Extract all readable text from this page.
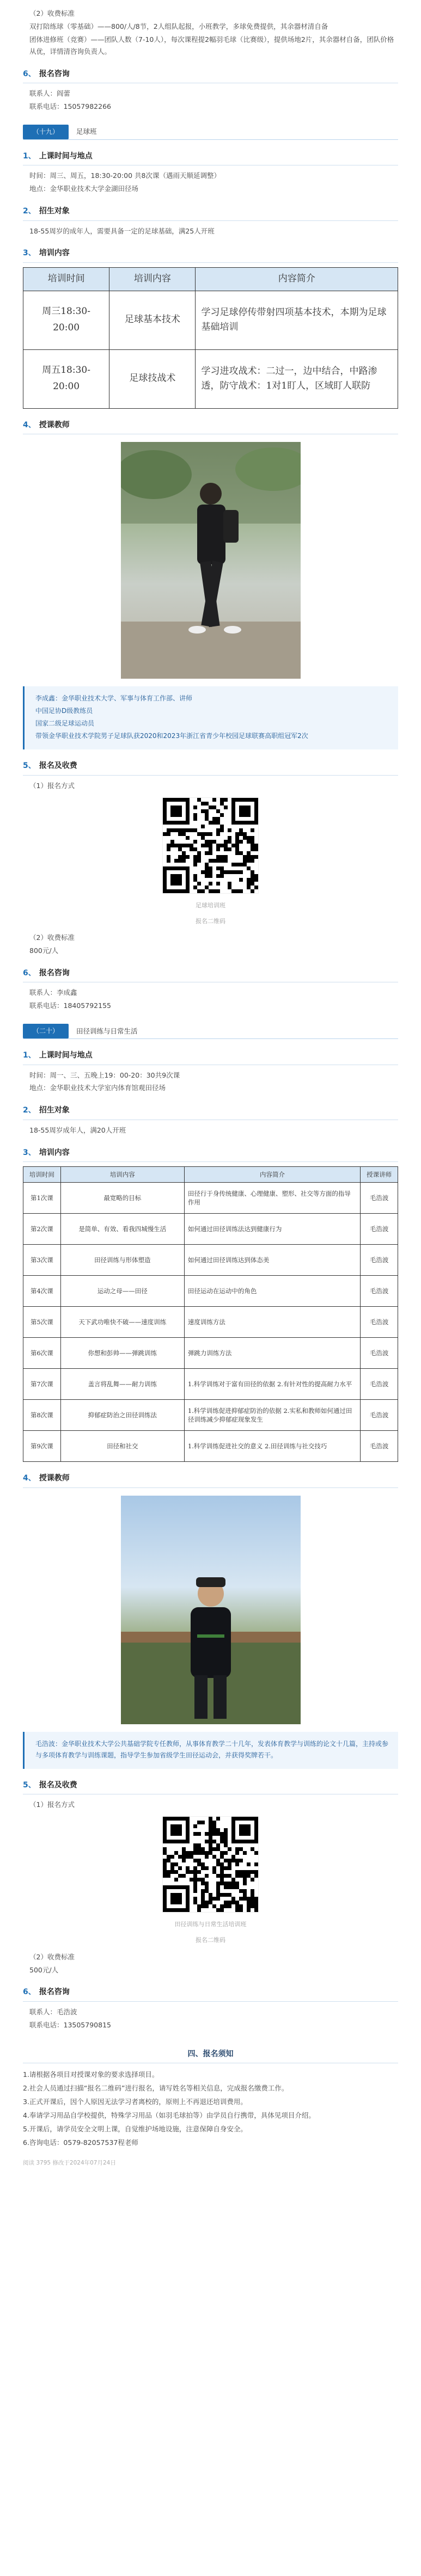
（2）收费标准
双打陪练球（零基础）——800/人/8节，2人组队起报，小班教学，多球免费提供，其余器材清自备
团体进修班（竞赛）——团队人数（7-10人），每次课程提2幅羽毛球（比赛级），提供场地2片，其余器材自备，团队价格从优，详情清咨询负责人。
6、 报名咨询
联系人：阎蕾
联系电话：15057982266
（十九）	足球班
1、 上课时间与地点
时间：周三、周五，18:30-20:00 共8次课（遇雨天顺延调整）
地点：金华职业技术大学金湖田径场
2、 招生对象
18-55周岁的成年人，需要具备一定的足球基础，满25人开班
3、 培训内容
培训时间	培训内容	内容简介
周三18:30-20:00	足球基本技术	学习足球停传带射四项基本技术，本期为足球基础培训
周五18:30-20:00	足球技战术	学习进攻战术：二过一，边中结合，中路渗透，防守战术：1对1盯人，区域盯人联防
4、 授课教师
李成鑫：金华职业技术大学、军事与体育工作部、讲师
中国足协D级教练员
国家二级足球运动员
带领金华职业技术学院男子足球队获2020和2023年浙江省青少年校园足球联赛高职组冠军2次
5、 报名及收费
（1）报名方式
足球培训班
报名二维码
（2）收费标准
800元/人
6、 报名咨询
联系人：李成鑫
联系电话：18405792155
（二十）	田径训练与日常生活
1、 上课时间与地点
时间：周一、三、五晚上19：00-20：30共9次课
地点：金华职业技术大学室内体育馆观田径场
2、 招生对象
18-55周岁成年人，满20人开班
3、 培训内容
培训时间	培训内容	内容简介	授课讲师
第1次课	最宽略的目标	田径行于身传统健康、心理健康、塑形、社交等方面的指导作用	毛浩波
第2次课	是简单、有效、看我四城慢生活	如何通过田径训练法达到健康行为	毛浩波
第3次课	田径训练与形体塑造	如何通过田径训练达到体态美	毛浩波
第4次课	运动之母——田径	田径运动在运动中的角色	毛浩波
第5次课	天下武功唯快不破——速度训练	速度训练方法	毛浩波
第6次课	你想和彭帅——弹跳训练	弹跳力训练方法	毛浩波
第7次课	盖言将乱舞——耐力训练	1.科学训练对于富有田径的依据 2.有针对性的提高耐力水平	毛浩波
第8次课	抑郁症防治之田径训练法	1.科学训练促进抑郁症防治的依据 2.实私和教师如何通过田径训练减少抑郁症现象发生	毛浩波
第9次课	田径和社交	1.科学训练促进社交的意义 2.田径训练与社交技巧	毛浩波
4、 授课教师
毛浩波：金华职业技术大学公共基础学院专任教师，从事体育教学二十几年，发表体育教学与训练的论文十几篇，主持或参与多项体育教学与训练课题，指导学生参加省级学生田径运动会，并获得奖牌若干。
5、 报名及收费
（1）报名方式
田径训练与日常生活培训班
报名二维码
（2）收费标准
500元/人
6、 报名咨询
联系人：毛浩波
联系电话：13505790815
四、报名须知
1.请根据各项目对授课对象的要求选择项目。
2.社会人员通过扫描“报名二维码”进行报名，请写姓名等相关信息，完成报名缴费工作。
3.正式开课后，因个人原因无法学习者离校的，原则上不再退还培训费用。
4.奉请学习用品自学校提供，特殊学习用品（如羽毛球拍等）由学员自行携带，具体见项目介绍。
5.开课后，请学员安全文明上课，自觉维护场地设施，注意保障自身安全。
6.咨询电话：0579-82057537程老师
阅读 3795 修改于2024年07月24日
